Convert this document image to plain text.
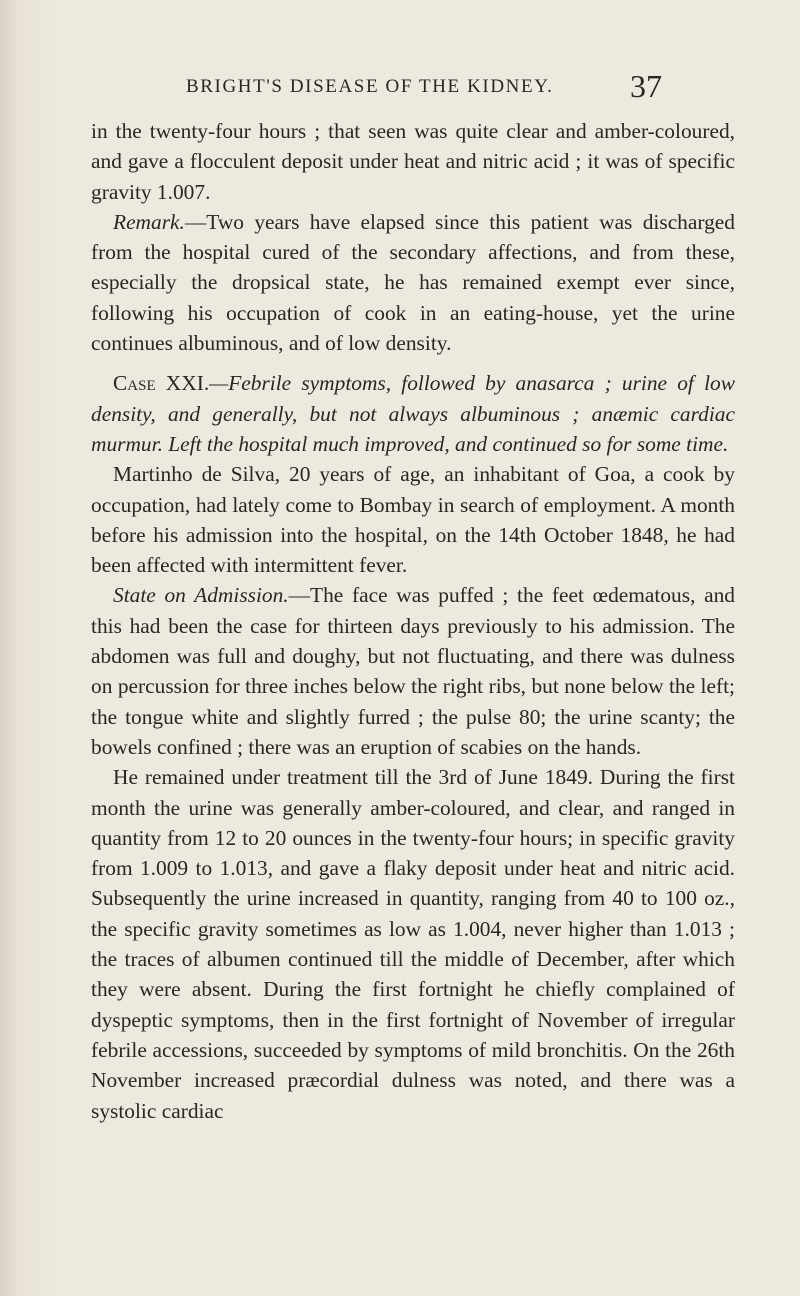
BRIGHT'S DISEASE OF THE KIDNEY. 37

in the twenty-four hours ; that seen was quite clear and amber-coloured, and gave a flocculent deposit under heat and nitric acid ; it was of specific gravity 1.007.

Remark.—Two years have elapsed since this patient was discharged from the hospital cured of the secondary affections, and from these, especially the dropsical state, he has remained exempt ever since, following his occupation of cook in an eating-house, yet the urine continues albuminous, and of low density.

Case XXI.—Febrile symptoms, followed by anasarca ; urine of low density, and generally, but not always albuminous ; anæmic cardiac murmur. Left the hospital much improved, and continued so for some time.

Martinho de Silva, 20 years of age, an inhabitant of Goa, a cook by occupation, had lately come to Bombay in search of employment. A month before his admission into the hospital, on the 14th October 1848, he had been affected with intermittent fever.

State on Admission.—The face was puffed ; the feet œdematous, and this had been the case for thirteen days previously to his admission. The abdomen was full and doughy, but not fluctuating, and there was dulness on percussion for three inches below the right ribs, but none below the left; the tongue white and slightly furred ; the pulse 80; the urine scanty; the bowels confined ; there was an eruption of scabies on the hands.

He remained under treatment till the 3rd of June 1849. During the first month the urine was generally amber-coloured, and clear, and ranged in quantity from 12 to 20 ounces in the twenty-four hours; in specific gravity from 1.009 to 1.013, and gave a flaky deposit under heat and nitric acid. Subsequently the urine increased in quantity, ranging from 40 to 100 oz., the specific gravity sometimes as low as 1.004, never higher than 1.013 ; the traces of albumen continued till the middle of December, after which they were absent. During the first fortnight he chiefly complained of dyspeptic symptoms, then in the first fortnight of November of irregular febrile accessions, succeeded by symptoms of mild bronchitis. On the 26th November increased præcordial dulness was noted, and there was a systolic cardiac
